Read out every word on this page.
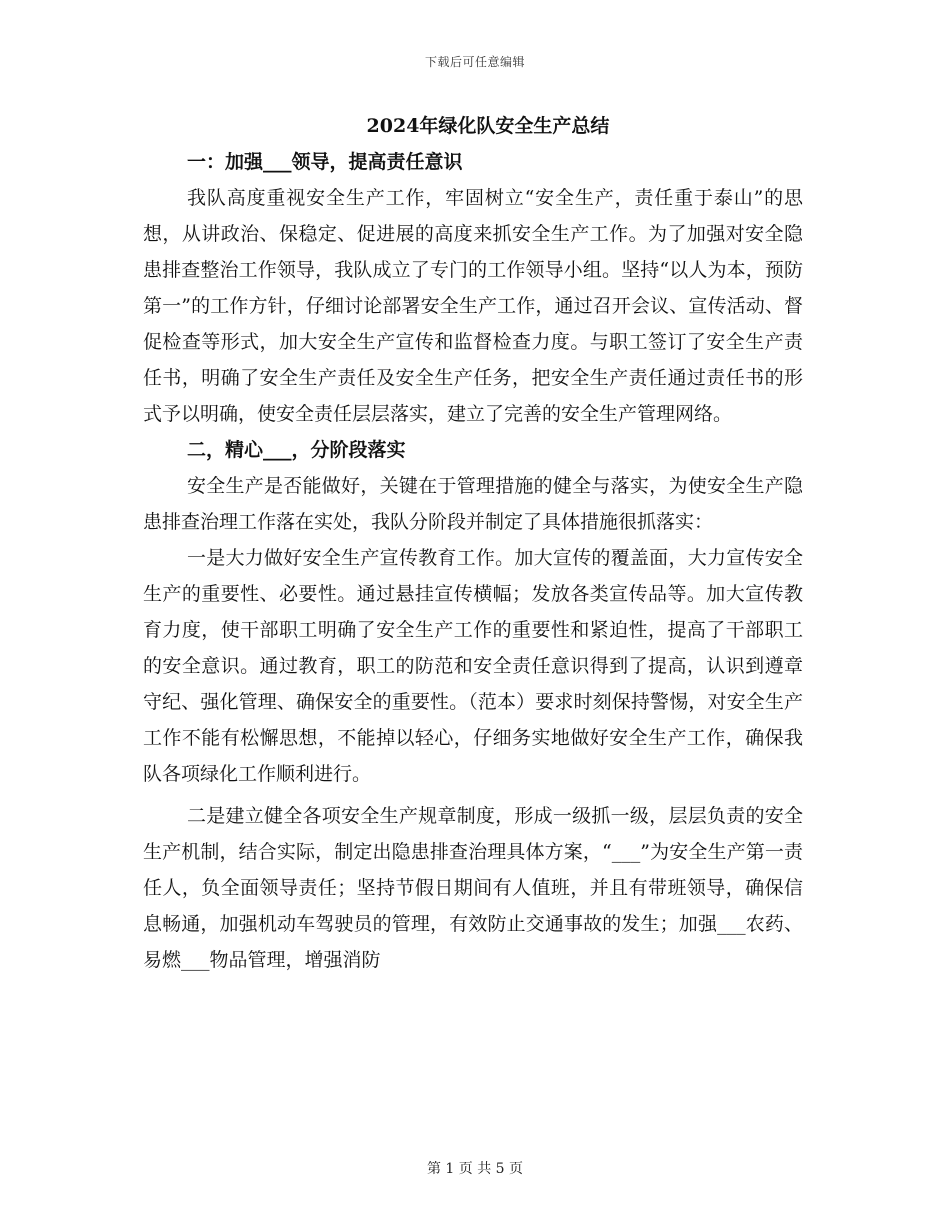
下载后可任意编辑
2024年绿化队安全生产总结
一：加强___领导，提高责任意识

我队高度重视安全生产工作，牢固树立“安全生产，责任重于泰山”的思想，从讲政治、保稳定、促进展的高度来抓安全生产工作。为了加强对安全隐患排查整治工作领导，我队成立了专门的工作领导小组。坚持“以人为本，预防第一”的工作方针，仔细讨论部署安全生产工作，通过召开会议、宣传活动、督促检查等形式，加大安全生产宣传和监督检查力度。与职工签订了安全生产责任书，明确了安全生产责任及安全生产任务，把安全生产责任通过责任书的形式予以明确，使安全责任层层落实，建立了完善的安全生产管理网络。

二，精心___，分阶段落实

安全生产是否能做好，关键在于管理措施的健全与落实，为使安全生产隐患排查治理工作落在实处，我队分阶段并制定了具体措施很抓落实：

一是大力做好安全生产宣传教育工作。加大宣传的覆盖面，大力宣传安全生产的重要性、必要性。通过悬挂宣传横幅；发放各类宣传品等。加大宣传教育力度，使干部职工明确了安全生产工作的重要性和紧迫性，提高了干部职工的安全意识。通过教育，职工的防范和安全责任意识得到了提高，认识到遵章守纪、强化管理、确保安全的重要性。（范本）要求时刻保持警惕，对安全生产工作不能有松懈思想，不能掉以轻心，仔细务实地做好安全生产工作，确保我队各项绿化工作顺利进行。

二是建立健全各项安全生产规章制度，形成一级抓一级，层层负责的安全生产机制，结合实际，制定出隐患排查治理具体方案，“___”为安全生产第一责任人，负全面领导责任；坚持节假日期间有人值班，并且有带班领导，确保信息畅通，加强机动车驾驶员的管理，有效防止交通事故的发生；加强___农药、易燃___物品管理，增强消防

第 1 页 共 5 页
